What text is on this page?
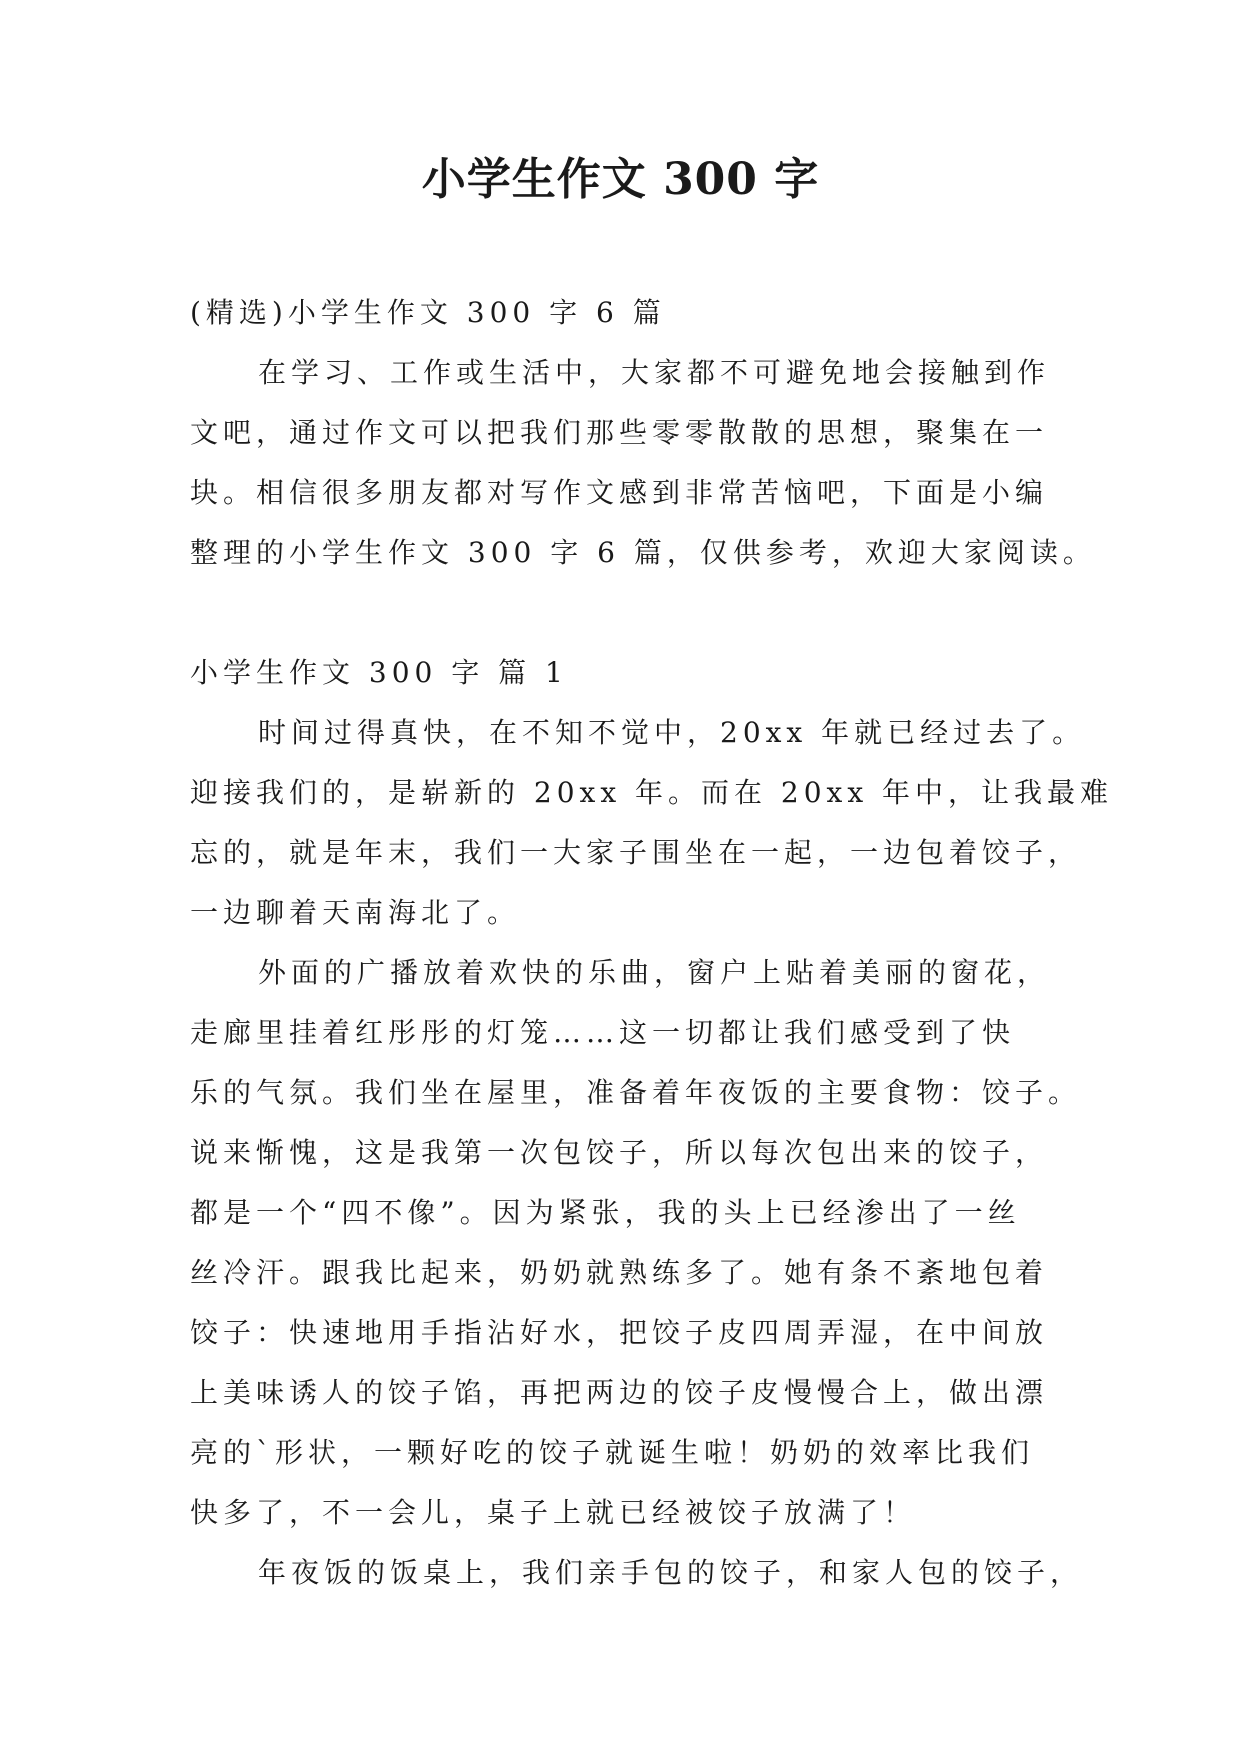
小学生作文 300 字
(精选)小学生作文 300 字 6 篇
在学习、工作或生活中，大家都不可避免地会接触到作
文吧，通过作文可以把我们那些零零散散的思想，聚集在一
块。相信很多朋友都对写作文感到非常苦恼吧，下面是小编
整理的小学生作文 300 字 6 篇，仅供参考，欢迎大家阅读。
小学生作文 300 字 篇 1
时间过得真快，在不知不觉中，20xx 年就已经过去了。
迎接我们的，是崭新的 20xx 年。而在 20xx 年中，让我最难
忘的，就是年末，我们一大家子围坐在一起，一边包着饺子，
一边聊着天南海北了。
外面的广播放着欢快的乐曲，窗户上贴着美丽的窗花，
走廊里挂着红彤彤的灯笼……这一切都让我们感受到了快
乐的气氛。我们坐在屋里，准备着年夜饭的主要食物：饺子。
说来惭愧，这是我第一次包饺子，所以每次包出来的饺子，
都是一个“四不像”。因为紧张，我的头上已经渗出了一丝
丝冷汗。跟我比起来，奶奶就熟练多了。她有条不紊地包着
饺子：快速地用手指沾好水，把饺子皮四周弄湿，在中间放
上美味诱人的饺子馅，再把两边的饺子皮慢慢合上，做出漂
亮的`形状，一颗好吃的饺子就诞生啦！奶奶的效率比我们
快多了，不一会儿，桌子上就已经被饺子放满了！
年夜饭的饭桌上，我们亲手包的饺子，和家人包的饺子，
